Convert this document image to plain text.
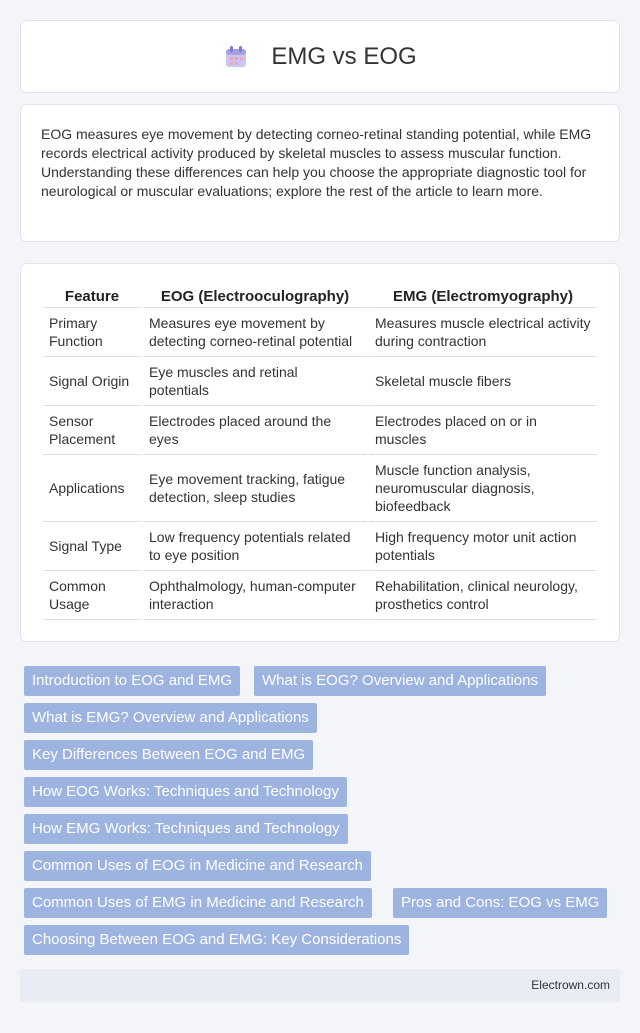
EMG vs EOG

EOG measures eye movement by detecting corneo-retinal standing potential, while EMG records electrical activity produced by skeletal muscles to assess muscular function. Understanding these differences can help you choose the appropriate diagnostic tool for neurological or muscular evaluations; explore the rest of the article to learn more.

Feature	EOG (Electrooculography)	EMG (Electromyography)
Primary Function	Measures eye movement by detecting corneo-retinal potential	Measures muscle electrical activity during contraction
Signal Origin	Eye muscles and retinal potentials	Skeletal muscle fibers
Sensor Placement	Electrodes placed around the eyes	Electrodes placed on or in muscles
Applications	Eye movement tracking, fatigue detection, sleep studies	Muscle function analysis, neuromuscular diagnosis, biofeedback
Signal Type	Low frequency potentials related to eye position	High frequency motor unit action potentials
Common Usage	Ophthalmology, human-computer interaction	Rehabilitation, clinical neurology, prosthetics control
Introduction to EOG and EMG	What is EOG? Overview and Applications
What is EMG? Overview and Applications
Key Differences Between EOG and EMG
How EOG Works: Techniques and Technology
How EMG Works: Techniques and Technology
Common Uses of EOG in Medicine and Research
Common Uses of EMG in Medicine and Research	Pros and Cons: EOG vs EMG
Choosing Between EOG and EMG: Key Considerations
Electrown.com
